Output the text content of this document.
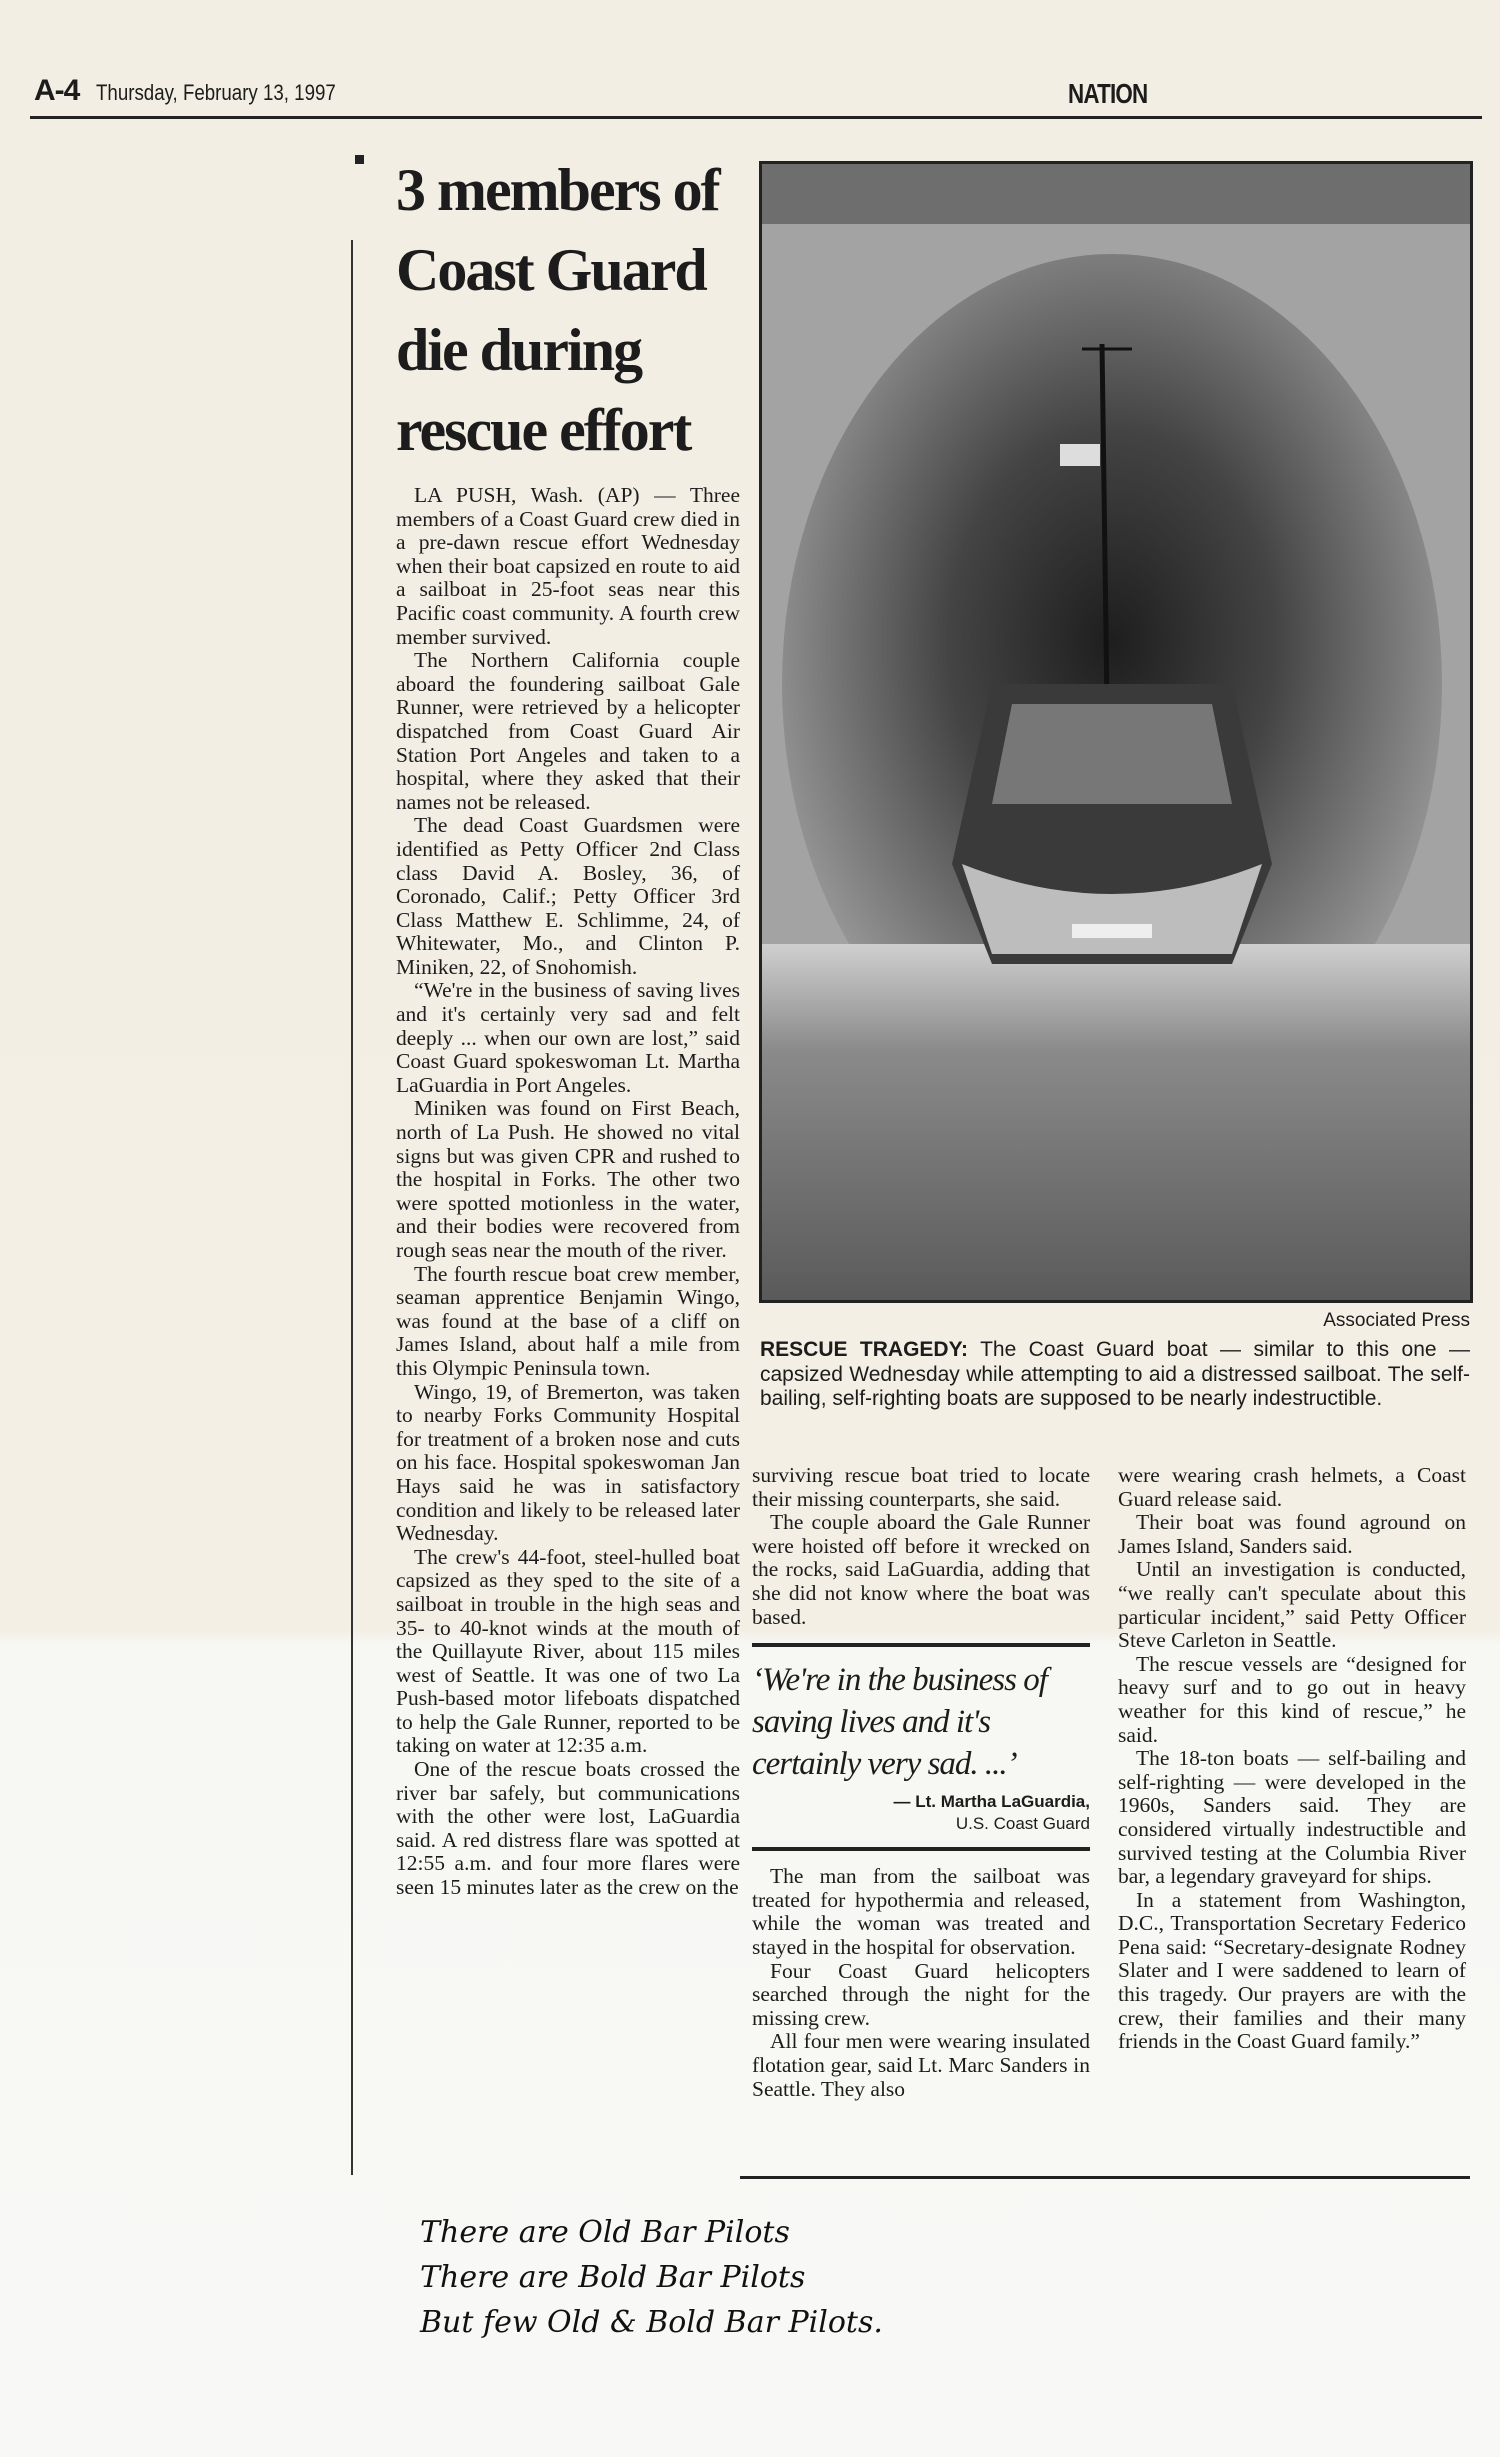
A-4 Thursday, February 13, 1997	NATION
3 members of Coast Guard die during rescue effort

LA PUSH, Wash. (AP) — Three members of a Coast Guard crew died in a pre-dawn rescue effort Wednesday when their boat capsized en route to aid a sailboat in 25-foot seas near this Pacific coast community. A fourth crew member survived.

The Northern California couple aboard the foundering sailboat Gale Runner, were retrieved by a helicopter dispatched from Coast Guard Air Station Port Angeles and taken to a hospital, where they asked that their names not be released.

The dead Coast Guardsmen were identified as Petty Officer 2nd Class class David A. Bosley, 36, of Coronado, Calif.; Petty Officer 3rd Class Matthew E. Schlimme, 24, of Whitewater, Mo., and Clinton P. Miniken, 22, of Snohomish.

“We're in the business of saving lives and it's certainly very sad and felt deeply ... when our own are lost,” said Coast Guard spokeswoman Lt. Martha LaGuardia in Port Angeles.

Miniken was found on First Beach, north of La Push. He showed no vital signs but was given CPR and rushed to the hospital in Forks. The other two were spotted motionless in the water, and their bodies were recovered from rough seas near the mouth of the river.

The fourth rescue boat crew member, seaman apprentice Benjamin Wingo, was found at the base of a cliff on James Island, about half a mile from this Olympic Peninsula town.

Wingo, 19, of Bremerton, was taken to nearby Forks Community Hospital for treatment of a broken nose and cuts on his face. Hospital spokeswoman Jan Hays said he was in satisfactory condition and likely to be released later Wednesday.

The crew's 44-foot, steel-hulled boat capsized as they sped to the site of a sailboat in trouble in the high seas and 35- to 40-knot winds at the mouth of the Quillayute River, about 115 miles west of Seattle. It was one of two La Push-based motor lifeboats dispatched to help the Gale Runner, reported to be taking on water at 12:35 a.m.

One of the rescue boats crossed the river bar safely, but communications with the other were lost, LaGuardia said. A red distress flare was spotted at 12:55 a.m. and four more flares were seen 15 minutes later as the crew on the

Associated Press
RESCUE TRAGEDY: The Coast Guard boat — similar to this one — capsized Wednesday while attempting to aid a distressed sailboat. The self-bailing, self-righting boats are supposed to be nearly indestructible.

surviving rescue boat tried to locate their missing counterparts, she said.

The couple aboard the Gale Runner were hoisted off before it wrecked on the rocks, said LaGuardia, adding that she did not know where the boat was based.

‘We're in the business of saving lives and it's certainly very sad. ...’
— Lt. Martha LaGuardia,
U.S. Coast Guard

The man from the sailboat was treated for hypothermia and released, while the woman was treated and stayed in the hospital for observation.

Four Coast Guard helicopters searched through the night for the missing crew.

All four men were wearing insulated flotation gear, said Lt. Marc Sanders in Seattle. They also

were wearing crash helmets, a Coast Guard release said.

Their boat was found aground on James Island, Sanders said.

Until an investigation is conducted, “we really can't speculate about this particular incident,” said Petty Officer Steve Carleton in Seattle.

The rescue vessels are “designed for heavy surf and to go out in heavy weather for this kind of rescue,” he said.

The 18-ton boats — self-bailing and self-righting — were developed in the 1960s, Sanders said. They are considered virtually indestructible and survived testing at the Columbia River bar, a legendary graveyard for ships.

In a statement from Washington, D.C., Transportation Secretary Federico Pena said: “Secretary-designate Rodney Slater and I were saddened to learn of this tragedy. Our prayers are with the crew, their families and their many friends in the Coast Guard family.”

There are Old Bar Pilots
There are Bold Bar Pilots
But few Old & Bold Bar Pilots.
